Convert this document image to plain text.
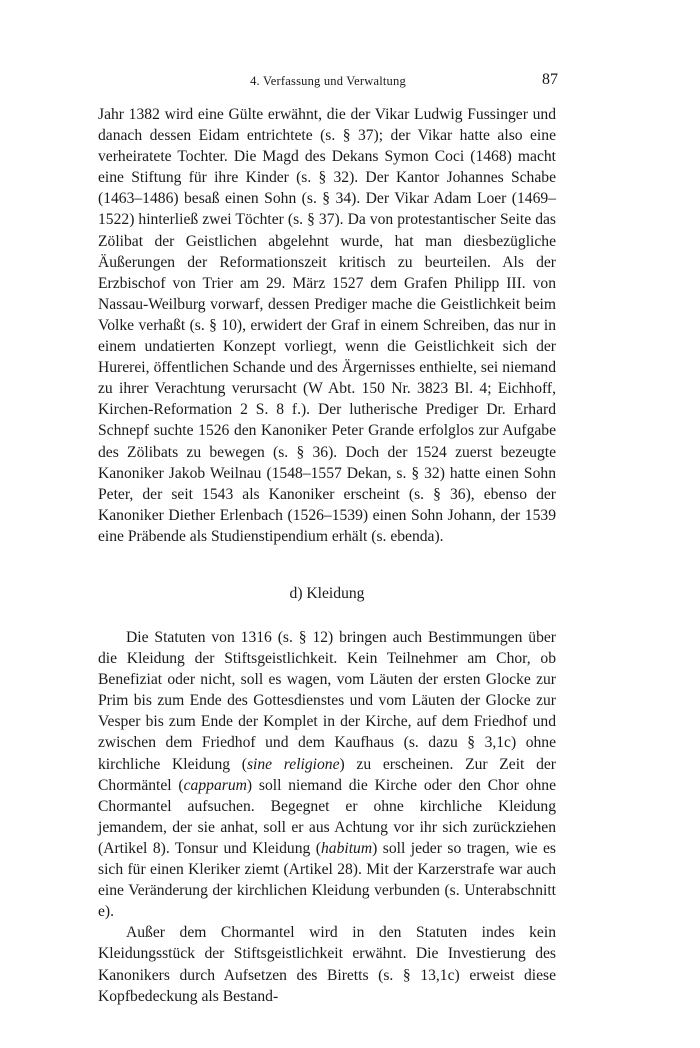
4. Verfassung und Verwaltung	87

Jahr 1382 wird eine Gülte erwähnt, die der Vikar Ludwig Fussinger und danach dessen Eidam entrichtete (s. § 37); der Vikar hatte also eine verheiratete Tochter. Die Magd des Dekans Symon Coci (1468) macht eine Stiftung für ihre Kinder (s. § 32). Der Kantor Johannes Schabe (1463–1486) besaß einen Sohn (s. § 34). Der Vikar Adam Loer (1469–1522) hinterließ zwei Töchter (s. § 37). Da von protestantischer Seite das Zölibat der Geistlichen abgelehnt wurde, hat man diesbezügliche Äußerungen der Reformationszeit kritisch zu beurteilen. Als der Erzbischof von Trier am 29. März 1527 dem Grafen Philipp III. von Nassau-Weilburg vorwarf, dessen Prediger mache die Geistlichkeit beim Volke verhaßt (s. § 10), erwidert der Graf in einem Schreiben, das nur in einem undatierten Konzept vorliegt, wenn die Geistlichkeit sich der Hurerei, öffentlichen Schande und des Ärgernisses enthielte, sei niemand zu ihrer Verachtung verursacht (W Abt. 150 Nr. 3823 Bl. 4; Eichhoff, Kirchen-Reformation 2 S. 8 f.). Der lutherische Prediger Dr. Erhard Schnepf suchte 1526 den Kanoniker Peter Grande erfolglos zur Aufgabe des Zölibats zu bewegen (s. § 36). Doch der 1524 zuerst bezeugte Kanoniker Jakob Weilnau (1548–1557 Dekan, s. § 32) hatte einen Sohn Peter, der seit 1543 als Kanoniker erscheint (s. § 36), ebenso der Kanoniker Diether Erlenbach (1526–1539) einen Sohn Johann, der 1539 eine Präbende als Studienstipendium erhält (s. ebenda).

d) Kleidung

Die Statuten von 1316 (s. § 12) bringen auch Bestimmungen über die Kleidung der Stiftsgeistlichkeit. Kein Teilnehmer am Chor, ob Benefiziat oder nicht, soll es wagen, vom Läuten der ersten Glocke zur Prim bis zum Ende des Gottesdienstes und vom Läuten der Glocke zur Vesper bis zum Ende der Komplet in der Kirche, auf dem Friedhof und zwischen dem Friedhof und dem Kaufhaus (s. dazu § 3,1c) ohne kirchliche Kleidung (sine religione) zu erscheinen. Zur Zeit der Chormäntel (capparum) soll niemand die Kirche oder den Chor ohne Chormantel aufsuchen. Begegnet er ohne kirchliche Kleidung jemandem, der sie anhat, soll er aus Achtung vor ihr sich zurückziehen (Artikel 8). Tonsur und Kleidung (habitum) soll jeder so tragen, wie es sich für einen Kleriker ziemt (Artikel 28). Mit der Karzerstrafe war auch eine Veränderung der kirchlichen Kleidung verbunden (s. Unterabschnitt e).

Außer dem Chormantel wird in den Statuten indes kein Kleidungsstück der Stiftsgeistlichkeit erwähnt. Die Investierung des Kanonikers durch Aufsetzen des Biretts (s. § 13,1c) erweist diese Kopfbedeckung als Bestand-
